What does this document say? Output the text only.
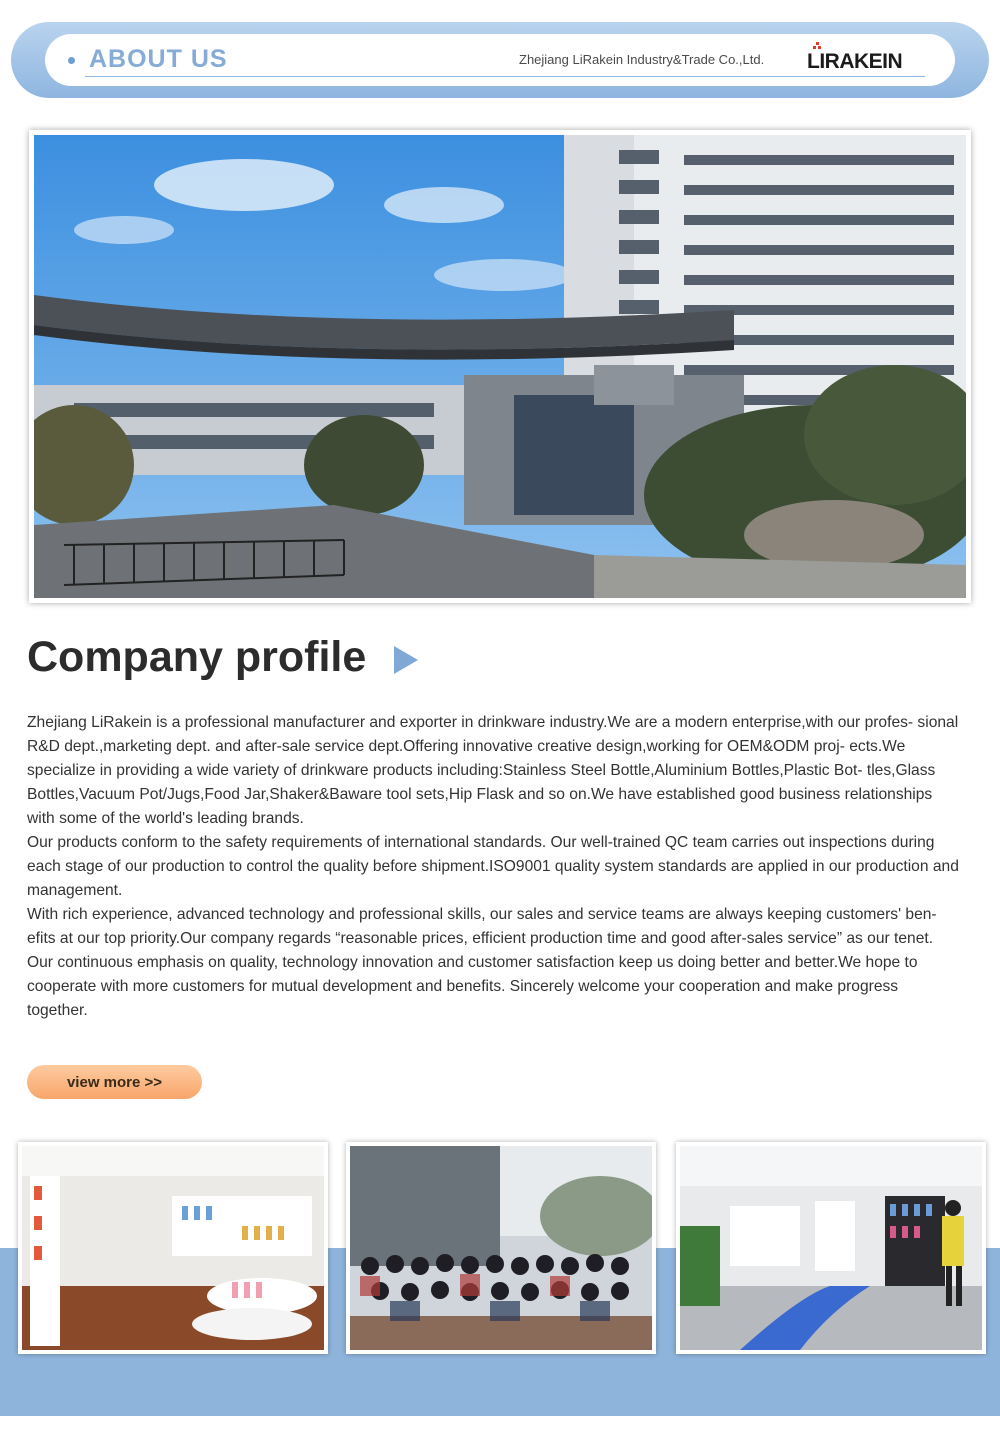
ABOUT US	Zhejiang LiRakein Industry&Trade Co.,Ltd. LIRAKEIN
Company profile

Zhejiang LiRakein is a professional manufacturer and exporter in drinkware industry.We are a modern enterprise,with our profes- sional R&D dept.,marketing dept. and after-sale service dept.Offering innovative creative design,working for OEM&ODM proj- ects.We specialize in providing a wide variety of drinkware products including:Stainless Steel Bottle,Aluminium Bottles,Plastic Bot- tles,Glass Bottles,Vacuum Pot/Jugs,Food Jar,Shaker&Baware tool sets,Hip Flask and so on.We have established good business relationships with some of the world's leading brands.

Our products conform to the safety requirements of international standards. Our well-trained QC team carries out inspections during each stage of our production to control the quality before shipment.ISO9001 quality system standards are applied in our production and management.

With rich experience, advanced technology and professional skills, our sales and service teams are always keeping customers' ben- efits at our top priority.Our company regards “reasonable prices, efficient production time and good after-sales service” as our tenet. Our continuous emphasis on quality, technology innovation and customer satisfaction keep us doing better and better.We hope to cooperate with more customers for mutual development and benefits. Sincerely welcome your cooperation and make progress together.

view more >>
